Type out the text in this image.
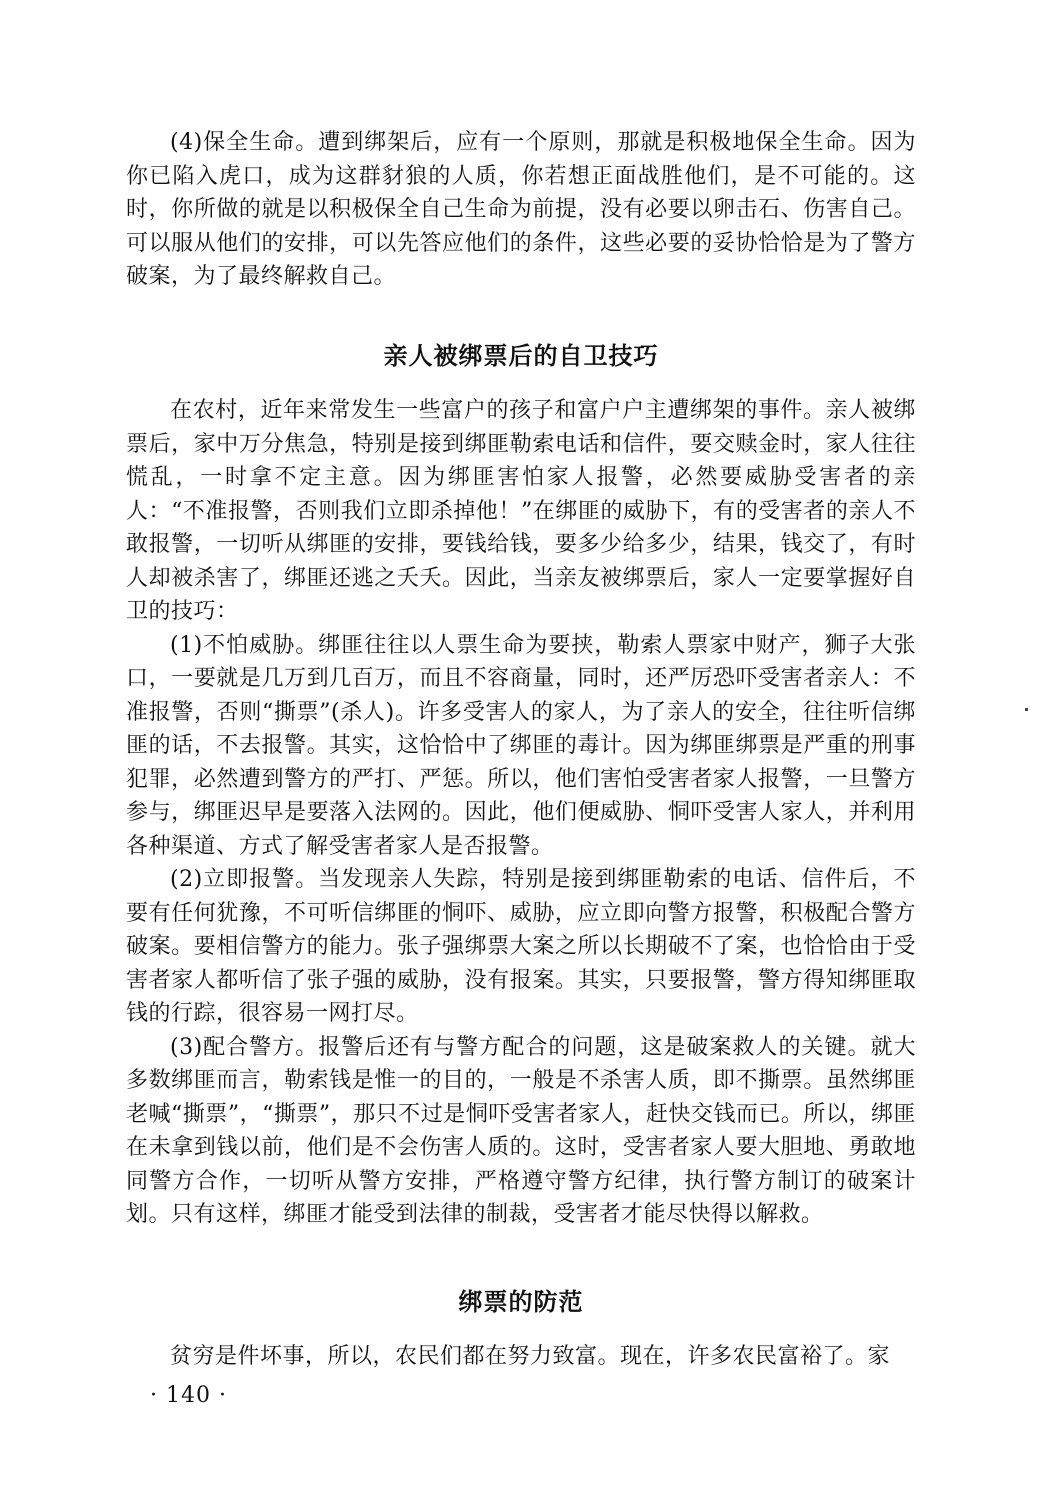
(4)保全生命。遭到绑架后，应有一个原则，那就是积极地保全生命。因为你已陷入虎口，成为这群豺狼的人质，你若想正面战胜他们，是不可能的。这时，你所做的就是以积极保全自己生命为前提，没有必要以卵击石、伤害自己。可以服从他们的安排，可以先答应他们的条件，这些必要的妥协恰恰是为了警方破案，为了最终解救自己。

亲人被绑票后的自卫技巧

在农村，近年来常发生一些富户的孩子和富户户主遭绑架的事件。亲人被绑票后，家中万分焦急，特别是接到绑匪勒索电话和信件，要交赎金时，家人往往慌乱，一时拿不定主意。因为绑匪害怕家人报警，必然要威胁受害者的亲人：“不准报警，否则我们立即杀掉他！”在绑匪的威胁下，有的受害者的亲人不敢报警，一切听从绑匪的安排，要钱给钱，要多少给多少，结果，钱交了，有时人却被杀害了，绑匪还逃之夭夭。因此，当亲友被绑票后，家人一定要掌握好自卫的技巧：

(1)不怕威胁。绑匪往往以人票生命为要挟，勒索人票家中财产，狮子大张口，一要就是几万到几百万，而且不容商量，同时，还严厉恐吓受害者亲人：不准报警，否则“撕票”(杀人)。许多受害人的家人，为了亲人的安全，往往听信绑匪的话，不去报警。其实，这恰恰中了绑匪的毒计。因为绑匪绑票是严重的刑事犯罪，必然遭到警方的严打、严惩。所以，他们害怕受害者家人报警，一旦警方参与，绑匪迟早是要落入法网的。因此，他们便威胁、恫吓受害人家人，并利用各种渠道、方式了解受害者家人是否报警。

(2)立即报警。当发现亲人失踪，特别是接到绑匪勒索的电话、信件后，不要有任何犹豫，不可听信绑匪的恫吓、威胁，应立即向警方报警，积极配合警方破案。要相信警方的能力。张子强绑票大案之所以长期破不了案，也恰恰由于受害者家人都听信了张子强的威胁，没有报案。其实，只要报警，警方得知绑匪取钱的行踪，很容易一网打尽。

(3)配合警方。报警后还有与警方配合的问题，这是破案救人的关键。就大多数绑匪而言，勒索钱是惟一的目的，一般是不杀害人质，即不撕票。虽然绑匪老喊“撕票”，“撕票”，那只不过是恫吓受害者家人，赶快交钱而已。所以，绑匪在未拿到钱以前，他们是不会伤害人质的。这时，受害者家人要大胆地、勇敢地同警方合作，一切听从警方安排，严格遵守警方纪律，执行警方制订的破案计划。只有这样，绑匪才能受到法律的制裁，受害者才能尽快得以解救。

绑票的防范

贫穷是件坏事，所以，农民们都在努力致富。现在，许多农民富裕了。家

· 140 ·
